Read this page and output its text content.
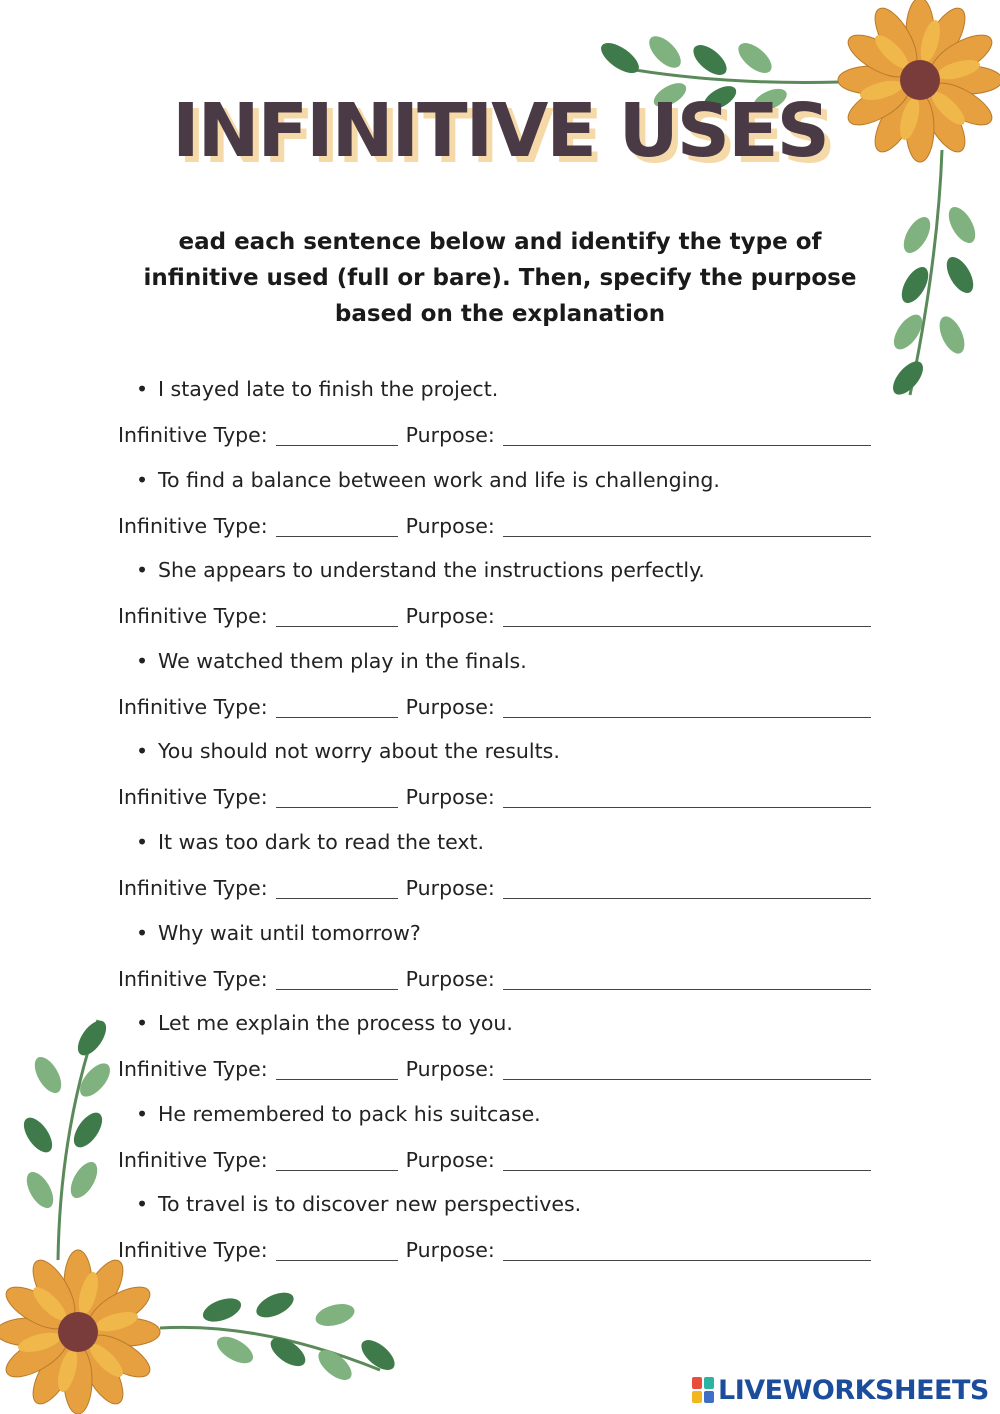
INFINITIVE USES
ead each sentence below and identify the type of infinitive used (full or bare). Then, specify the purpose based on the explanation
• I stayed late to finish the project.
Infinitive Type:	Purpose:
• To find a balance between work and life is challenging.
Infinitive Type:	Purpose:
• She appears to understand the instructions perfectly.
Infinitive Type:	Purpose:
• We watched them play in the finals.
Infinitive Type:	Purpose:
• You should not worry about the results.
Infinitive Type:	Purpose:
• It was too dark to read the text.
Infinitive Type:	Purpose:
• Why wait until tomorrow?
Infinitive Type:	Purpose:
• Let me explain the process to you.
Infinitive Type:	Purpose:
• He remembered to pack his suitcase.
Infinitive Type:	Purpose:
• To travel is to discover new perspectives.
Infinitive Type:	Purpose:
LIVEWORKSHEETS
